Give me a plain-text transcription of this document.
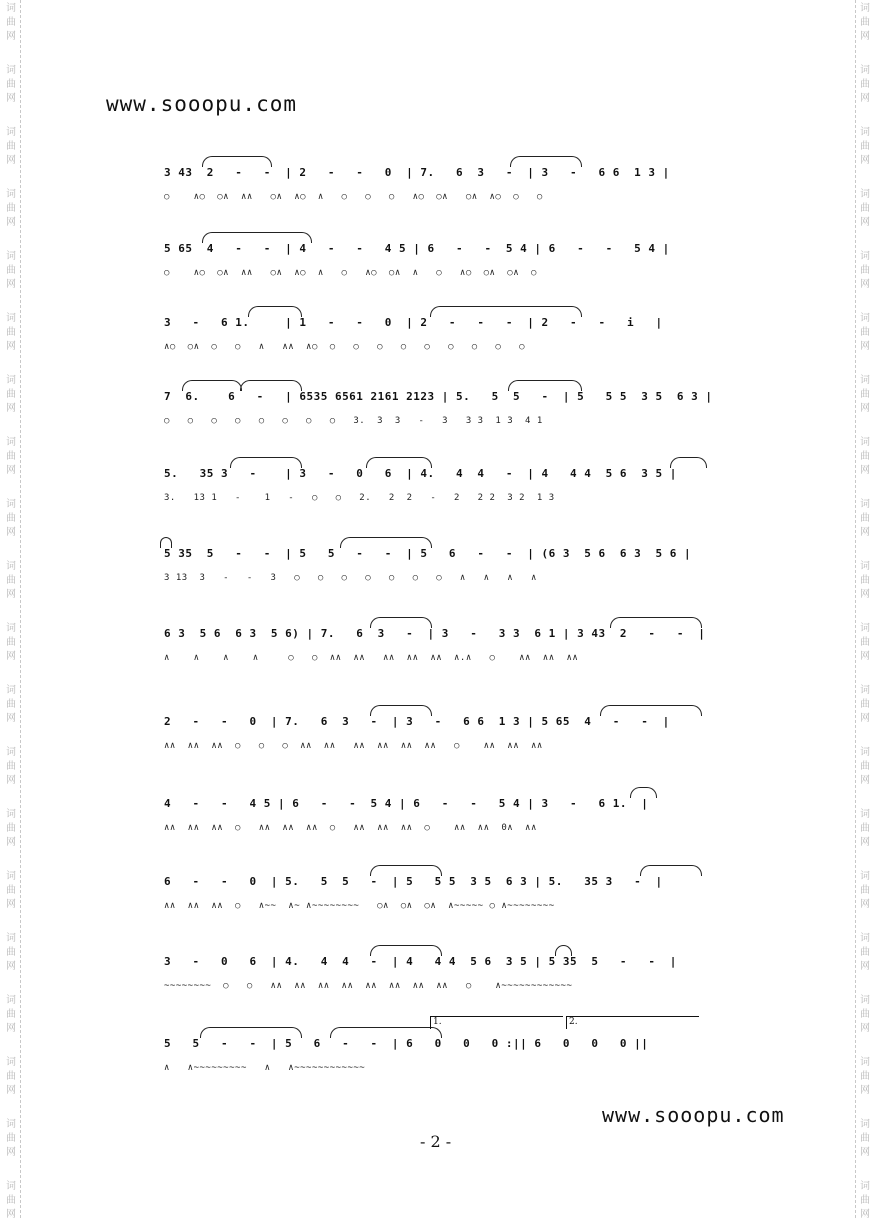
词
曲
网
词
曲
网
词
曲
网
词
曲
网
词
曲
网
词
曲
网
词
曲
网
词
曲
网
词
曲
网
词
曲
网
词
曲
网
词
曲
网
词
曲
网
词
曲
网
词
曲
网
词
曲
网
词
曲
网
词
曲
网
词
曲
网
词
曲
网
词
曲
网
词
曲
网
词
曲
网
词
曲
网
词
曲
网
词
曲
网
词
曲
网
词
曲
网
词
曲
网
词
曲
网
词
曲
网
词
曲
网
词
曲
网
词
曲
网
词
曲
网
词
曲
网
词
曲
网
词
曲
网
词
曲
网
词
曲
网
www.sooopu.com
3 43  2   -   -  | 2   -   -   0  | 7.   6  3   -  | 3   -   6 6  1 3 |
○    ∧○  ○∧  ∧∧   ○∧  ∧○  ∧   ○   ○   ○   ∧○  ○∧   ○∧  ∧○  ○   ○
5 65  4   -   -  | 4   -   -   4 5 | 6   -   -  5 4 | 6   -   -   5 4 |
○    ∧○  ○∧  ∧∧   ○∧  ∧○  ∧   ○   ∧○  ○∧  ∧   ○   ∧○  ○∧  ○∧  ○
3   -   6 1.     | 1   -   -   0  | 2   -   -   -  | 2   -   -   i   |
∧○  ○∧  ○   ○   ∧   ∧∧  ∧○  ○   ○   ○   ○   ○   ○   ○   ○   ○
7  6.    6   -   | 6535 6561 2161 2123 | 5.   5  5   -  | 5   5 5  3 5  6 3 |
○   ○   ○   ○   ○   ○   ○   ○   3.  3  3   -   3   3 3  1 3  4 1
5.   35 3   -    | 3   -   0   6  | 4.   4  4   -  | 4   4 4  5 6  3 5 |
3.   13 1   -    1   -   ○   ○   2.   2  2   -   2   2 2  3 2  1 3
5 35  5   -   -  | 5   5   -   -  | 5   6   -   -  | (6 3  5 6  6 3  5 6 |
3 13  3   -   -   3   ○   ○   ○   ○   ○   ○   ○   ∧   ∧   ∧   ∧
6 3  5 6  6 3  5 6) | 7.   6  3   -  | 3   -   3 3  6 1 | 3 43  2   -   -  |
∧    ∧    ∧    ∧     ○   ○  ∧∧  ∧∧   ∧∧  ∧∧  ∧∧  ∧.∧   ○    ∧∧  ∧∧  ∧∧
2   -   -   0  | 7.   6  3   -  | 3   -   6 6  1 3 | 5 65  4   -   -  |
∧∧  ∧∧  ∧∧  ○   ○   ○  ∧∧  ∧∧   ∧∧  ∧∧  ∧∧  ∧∧   ○    ∧∧  ∧∧  ∧∧
4   -   -   4 5 | 6   -   -  5 4 | 6   -   -   5 4 | 3   -   6 1.  |
∧∧  ∧∧  ∧∧  ○   ∧∧  ∧∧  ∧∧  ○   ∧∧  ∧∧  ∧∧  ○    ∧∧  ∧∧  0∧  ∧∧
6   -   -   0  | 5.   5  5   -  | 5   5 5  3 5  6 3 | 5.   35 3   -  |
∧∧  ∧∧  ∧∧  ○   ∧~~  ∧~ ∧~~~~~~~~   ○∧  ○∧  ○∧  ∧~~~~~ ○ ∧~~~~~~~~
3   -   0   6  | 4.   4  4   -  | 4   4 4  5 6  3 5 | 5 35  5   -   -  |
~~~~~~~~  ○   ○   ∧∧  ∧∧  ∧∧  ∧∧  ∧∧  ∧∧  ∧∧  ∧∧   ○    ∧~~~~~~~~~~~~
5   5   -   -  | 5   6   -   -  | 6   0   0   0 :|| 6   0   0   0 ||
∧   ∧~~~~~~~~~   ∧   ∧~~~~~~~~~~~~
1.	2.
www.sooopu.com
- 2 -
